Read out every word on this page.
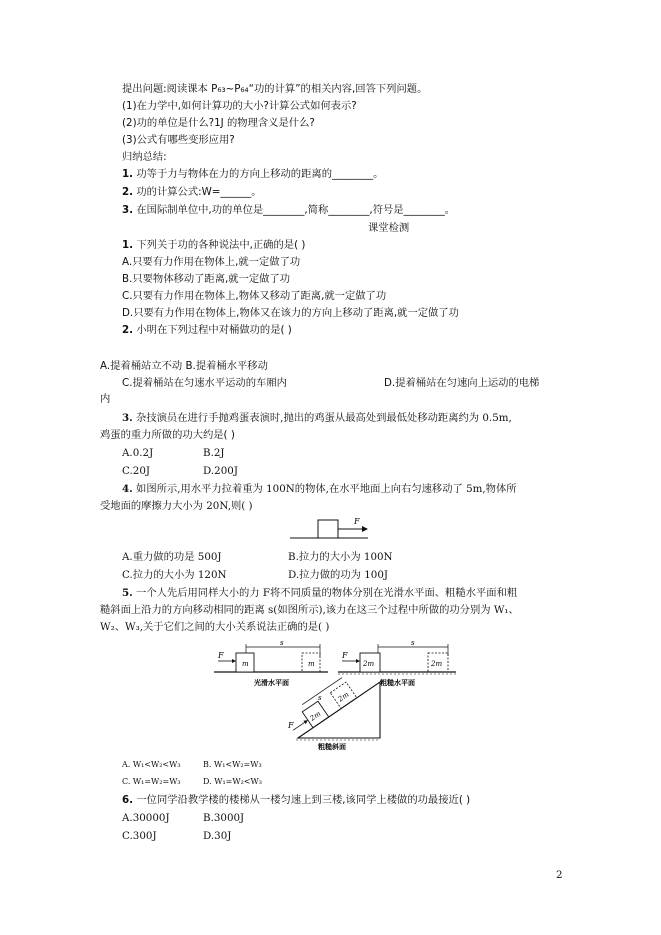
提出问题:阅读课本 P₆₃~P₆₄“功的计算”的相关内容,回答下列问题。
(1)在力学中,如何计算功的大小?计算公式如何表示?
(2)功的单位是什么?1J 的物理含义是什么?
(3)公式有哪些变形应用?
归纳总结:
1. 功等于力与物体在力的方向上移动的距离的________。
2. 功的计算公式:W=______。
3. 在国际制单位中,功的单位是________,简称________,符号是________。
课堂检测
1. 下列关于功的各种说法中,正确的是( )
A.只要有力作用在物体上,就一定做了功
B.只要物体移动了距离,就一定做了功
C.只要有力作用在物体上,物体又移动了距离,就一定做了功
D.只要有力作用在物体上,物体又在该力的方向上移动了距离,就一定做了功
2. 小明在下列过程中对桶做功的是( )
A.提着桶站立不动 B.提着桶水平移动
C.提着桶站在匀速水平运动的车厢内	D.提着桶站在匀速向上运动的电梯
内
3. 杂技演员在进行手抛鸡蛋表演时,抛出的鸡蛋从最高处到最低处移动距离约为 0.5m,
鸡蛋的重力所做的功大约是( )
A.0.2J	B.2J
C.20J	D.200J
4. 如图所示,用水平力拉着重为 100N的物体,在水平地面上向右匀速移动了 5m,物体所
受地面的摩擦力大小为 20N,则( )
F
A.重力做的功是 500J	B.拉力的大小为 100N
C.拉力的大小为 120N	D.拉力做的功为 100J
5. 一个人先后用同样大小的力 F将不同质量的物体分别在光滑水平面、粗糙水平面和粗
糙斜面上沿力的方向移动相同的距离 s(如图所示),该力在这三个过程中所做的功分别为 W₁、
W₂、W₃,关于它们之间的大小关系说法正确的是( )
s
F
m	m
光滑水平面
s
F
2m	2m
粗糙水平面
2m
2m
F
s
粗糙斜面
A. W₁<W₂<W₃	B. W₁<W₂=W₃
C. W₁=W₂=W₃	D. W₁=W₂<W₃
6. 一位同学沿教学楼的楼梯从一楼匀速上到三楼,该同学上楼做的功最接近( )
A.30000J	B.3000J
C.300J	D.30J
2
